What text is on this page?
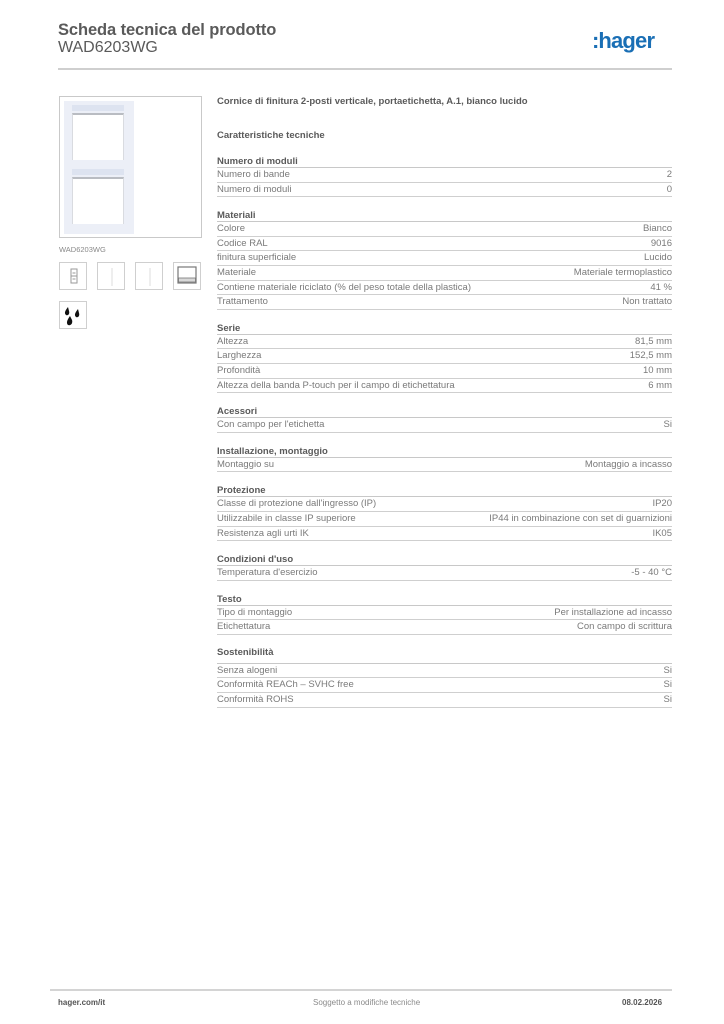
Scheda tecnica del prodotto
WAD6203WG	:hager
WAD6203WG
Cornice di finitura 2-posti verticale, portaetichetta, A.1, bianco lucido
Caratteristiche tecniche
Numero di moduli
Numero di bande	2
Numero di moduli	0
Materiali
Colore	Bianco
Codice RAL	9016
finitura superficiale	Lucido
Materiale	Materiale termoplastico
Contiene materiale riciclato (% del peso totale della plastica)	41 %
Trattamento	Non trattato
Serie
Altezza	81,5 mm
Larghezza	152,5 mm
Profondità	10 mm
Altezza della banda P-touch per il campo di etichettatura	6 mm
Acessori
Con campo per l'etichetta	Si
Installazione, montaggio
Montaggio su	Montaggio a incasso
Protezione
Classe di protezione dall'ingresso (IP)	IP20
Utilizzabile in classe IP superiore	IP44 in combinazione con set di guarnizioni
Resistenza agli urti IK	IK05
Condizioni d'uso
Temperatura d'esercizio	-5 - 40 °C
Testo
Tipo di montaggio	Per installazione ad incasso
Etichettatura	Con campo di scrittura
Sostenibilità
Senza alogeni	Si
Conformità REACh – SVHC free	Si
Conformità ROHS	Si
hager.com/it	Soggetto a modifiche tecniche	08.02.2026
